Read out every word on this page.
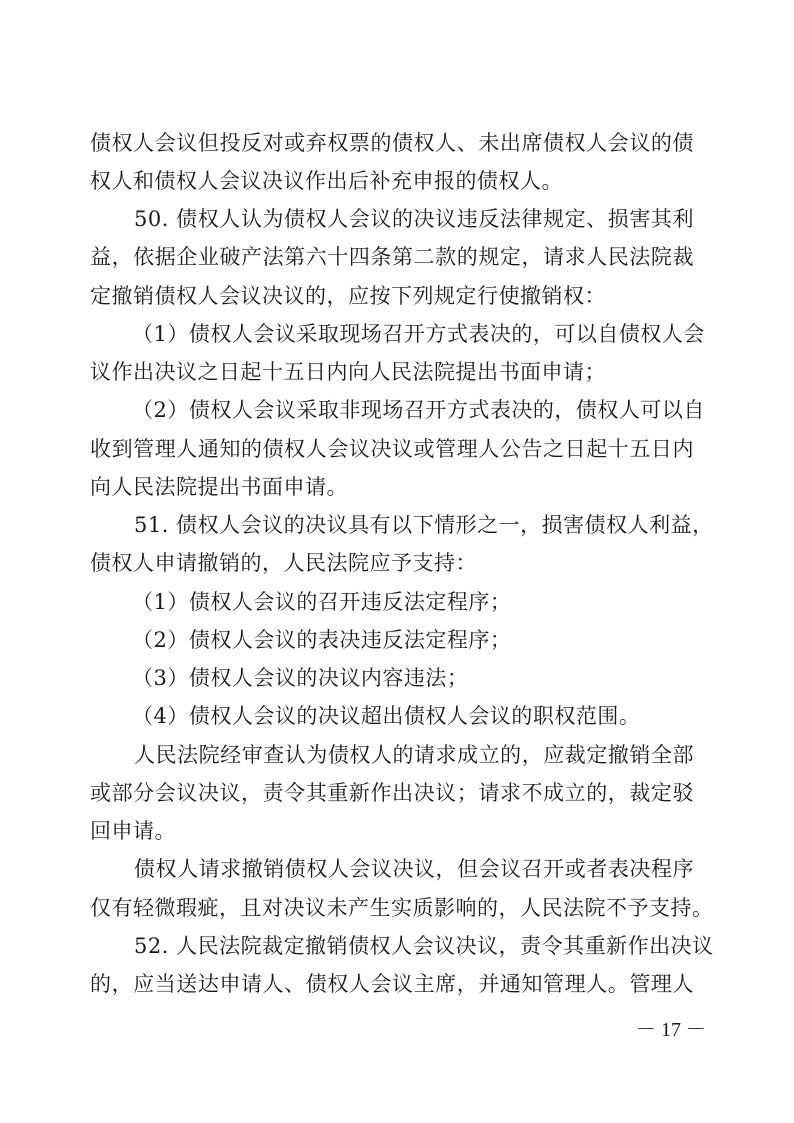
债权人会议但投反对或弃权票的债权人、未出席债权人会议的债
权人和债权人会议决议作出后补充申报的债权人。
50. 债权人认为债权人会议的决议违反法律规定、损害其利
益，依据企业破产法第六十四条第二款的规定，请求人民法院裁
定撤销债权人会议决议的，应按下列规定行使撤销权：
（1）债权人会议采取现场召开方式表决的，可以自债权人会
议作出决议之日起十五日内向人民法院提出书面申请；
（2）债权人会议采取非现场召开方式表决的，债权人可以自
收到管理人通知的债权人会议决议或管理人公告之日起十五日内
向人民法院提出书面申请。
51. 债权人会议的决议具有以下情形之一，损害债权人利益，
债权人申请撤销的，人民法院应予支持：
（1）债权人会议的召开违反法定程序；
（2）债权人会议的表决违反法定程序；
（3）债权人会议的决议内容违法；
（4）债权人会议的决议超出债权人会议的职权范围。
人民法院经审查认为债权人的请求成立的，应裁定撤销全部
或部分会议决议，责令其重新作出决议；请求不成立的，裁定驳
回申请。
债权人请求撤销债权人会议决议，但会议召开或者表决程序
仅有轻微瑕疵，且对决议未产生实质影响的，人民法院不予支持。
52. 人民法院裁定撤销债权人会议决议，责令其重新作出决议
的，应当送达申请人、债权人会议主席，并通知管理人。管理人
－ 17 －
